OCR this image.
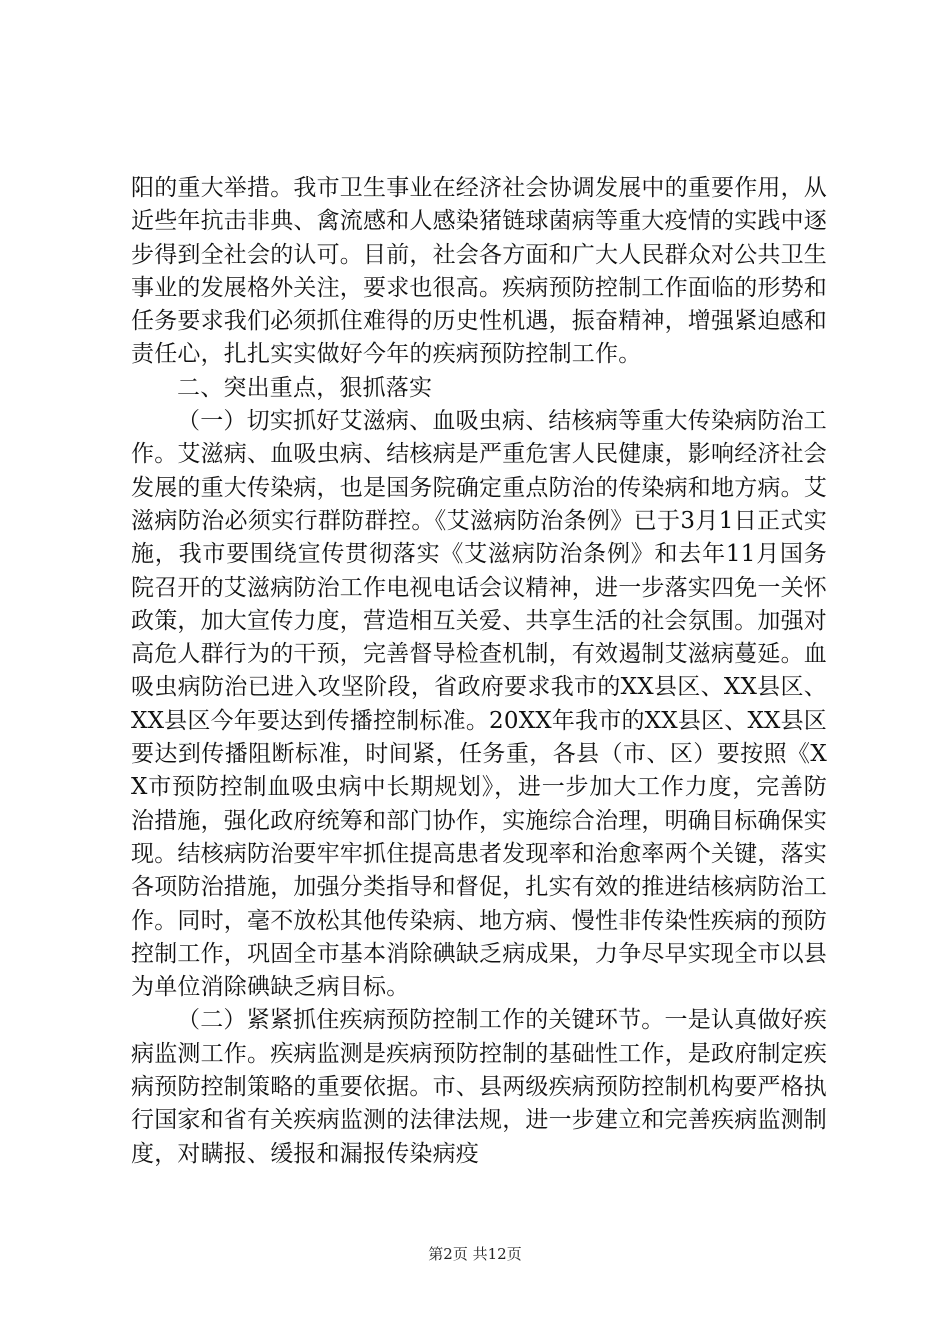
阳的重大举措。我市卫生事业在经济社会协调发展中的重要作用，从近些年抗击非典、禽流感和人感染猪链球菌病等重大疫情的实践中逐步得到全社会的认可。目前，社会各方面和广大人民群众对公共卫生事业的发展格外关注，要求也很高。疾病预防控制工作面临的形势和任务要求我们必须抓住难得的历史性机遇，振奋精神，增强紧迫感和责任心，扎扎实实做好今年的疾病预防控制工作。

二、突出重点，狠抓落实

（一）切实抓好艾滋病、血吸虫病、结核病等重大传染病防治工作。艾滋病、血吸虫病、结核病是严重危害人民健康，影响经济社会发展的重大传染病，也是国务院确定重点防治的传染病和地方病。艾滋病防治必须实行群防群控。《艾滋病防治条例》已于3月1日正式实施，我市要围绕宣传贯彻落实《艾滋病防治条例》和去年11月国务院召开的艾滋病防治工作电视电话会议精神，进一步落实四免一关怀政策，加大宣传力度，营造相互关爱、共享生活的社会氛围。加强对高危人群行为的干预，完善督导检查机制，有效遏制艾滋病蔓延。血吸虫病防治已进入攻坚阶段，省政府要求我市的XX县区、XX县区、XX县区今年要达到传播控制标准。20XX年我市的XX县区、XX县区要达到传播阻断标准，时间紧，任务重，各县（市、区）要按照《XX市预防控制血吸虫病中长期规划》，进一步加大工作力度，完善防治措施，强化政府统筹和部门协作，实施综合治理，明确目标确保实现。结核病防治要牢牢抓住提高患者发现率和治愈率两个关键，落实各项防治措施，加强分类指导和督促，扎实有效的推进结核病防治工作。同时，毫不放松其他传染病、地方病、慢性非传染性疾病的预防控制工作，巩固全市基本消除碘缺乏病成果，力争尽早实现全市以县为单位消除碘缺乏病目标。

（二）紧紧抓住疾病预防控制工作的关键环节。一是认真做好疾病监测工作。疾病监测是疾病预防控制的基础性工作，是政府制定疾病预防控制策略的重要依据。市、县两级疾病预防控制机构要严格执行国家和省有关疾病监测的法律法规，进一步建立和完善疾病监测制度，对瞒报、缓报和漏报传染病疫

第2页 共12页
